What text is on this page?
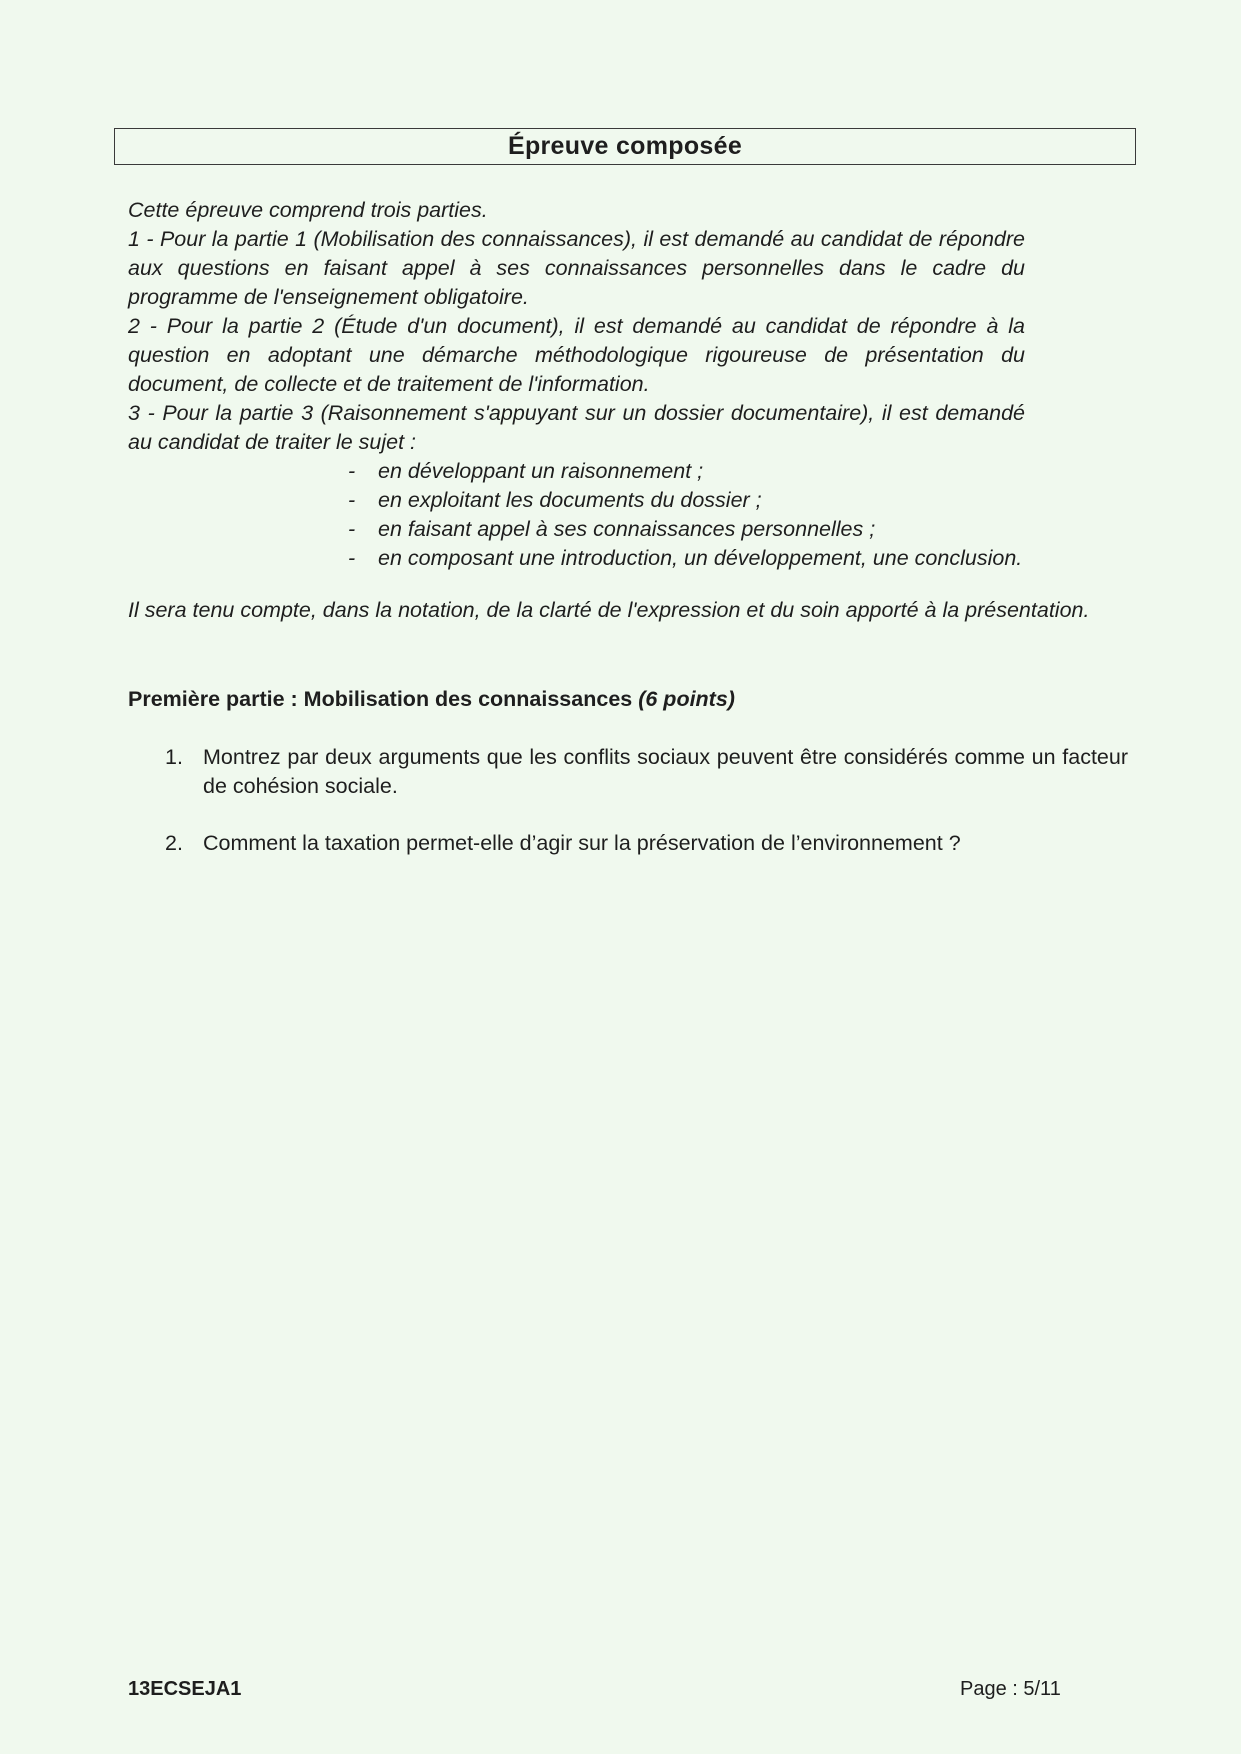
Épreuve composée

Cette épreuve comprend trois parties.

1 - Pour la partie 1 (Mobilisation des connaissances), il est demandé au candidat de répondre aux questions en faisant appel à ses connaissances personnelles dans le cadre du programme de l'enseignement obligatoire.

2 - Pour la partie 2 (Étude d'un document), il est demandé au candidat de répondre à la question en adoptant une démarche méthodologique rigoureuse de présentation du document, de collecte et de traitement de l'information.

3 - Pour la partie 3 (Raisonnement s'appuyant sur un dossier documentaire), il est demandé au candidat de traiter le sujet :

- en développant un raisonnement ;
- en exploitant les documents du dossier ;
- en faisant appel à ses connaissances personnelles ;
- en composant une introduction, un développement, une conclusion.

Il sera tenu compte, dans la notation, de la clarté de l'expression et du soin apporté à la présentation.

Première partie : Mobilisation des connaissances (6 points)

1. Montrez par deux arguments que les conflits sociaux peuvent être considérés comme un facteur de cohésion sociale.
2. Comment la taxation permet-elle d’agir sur la préservation de l’environnement ?

13ECSEJA1	Page : 5/11
